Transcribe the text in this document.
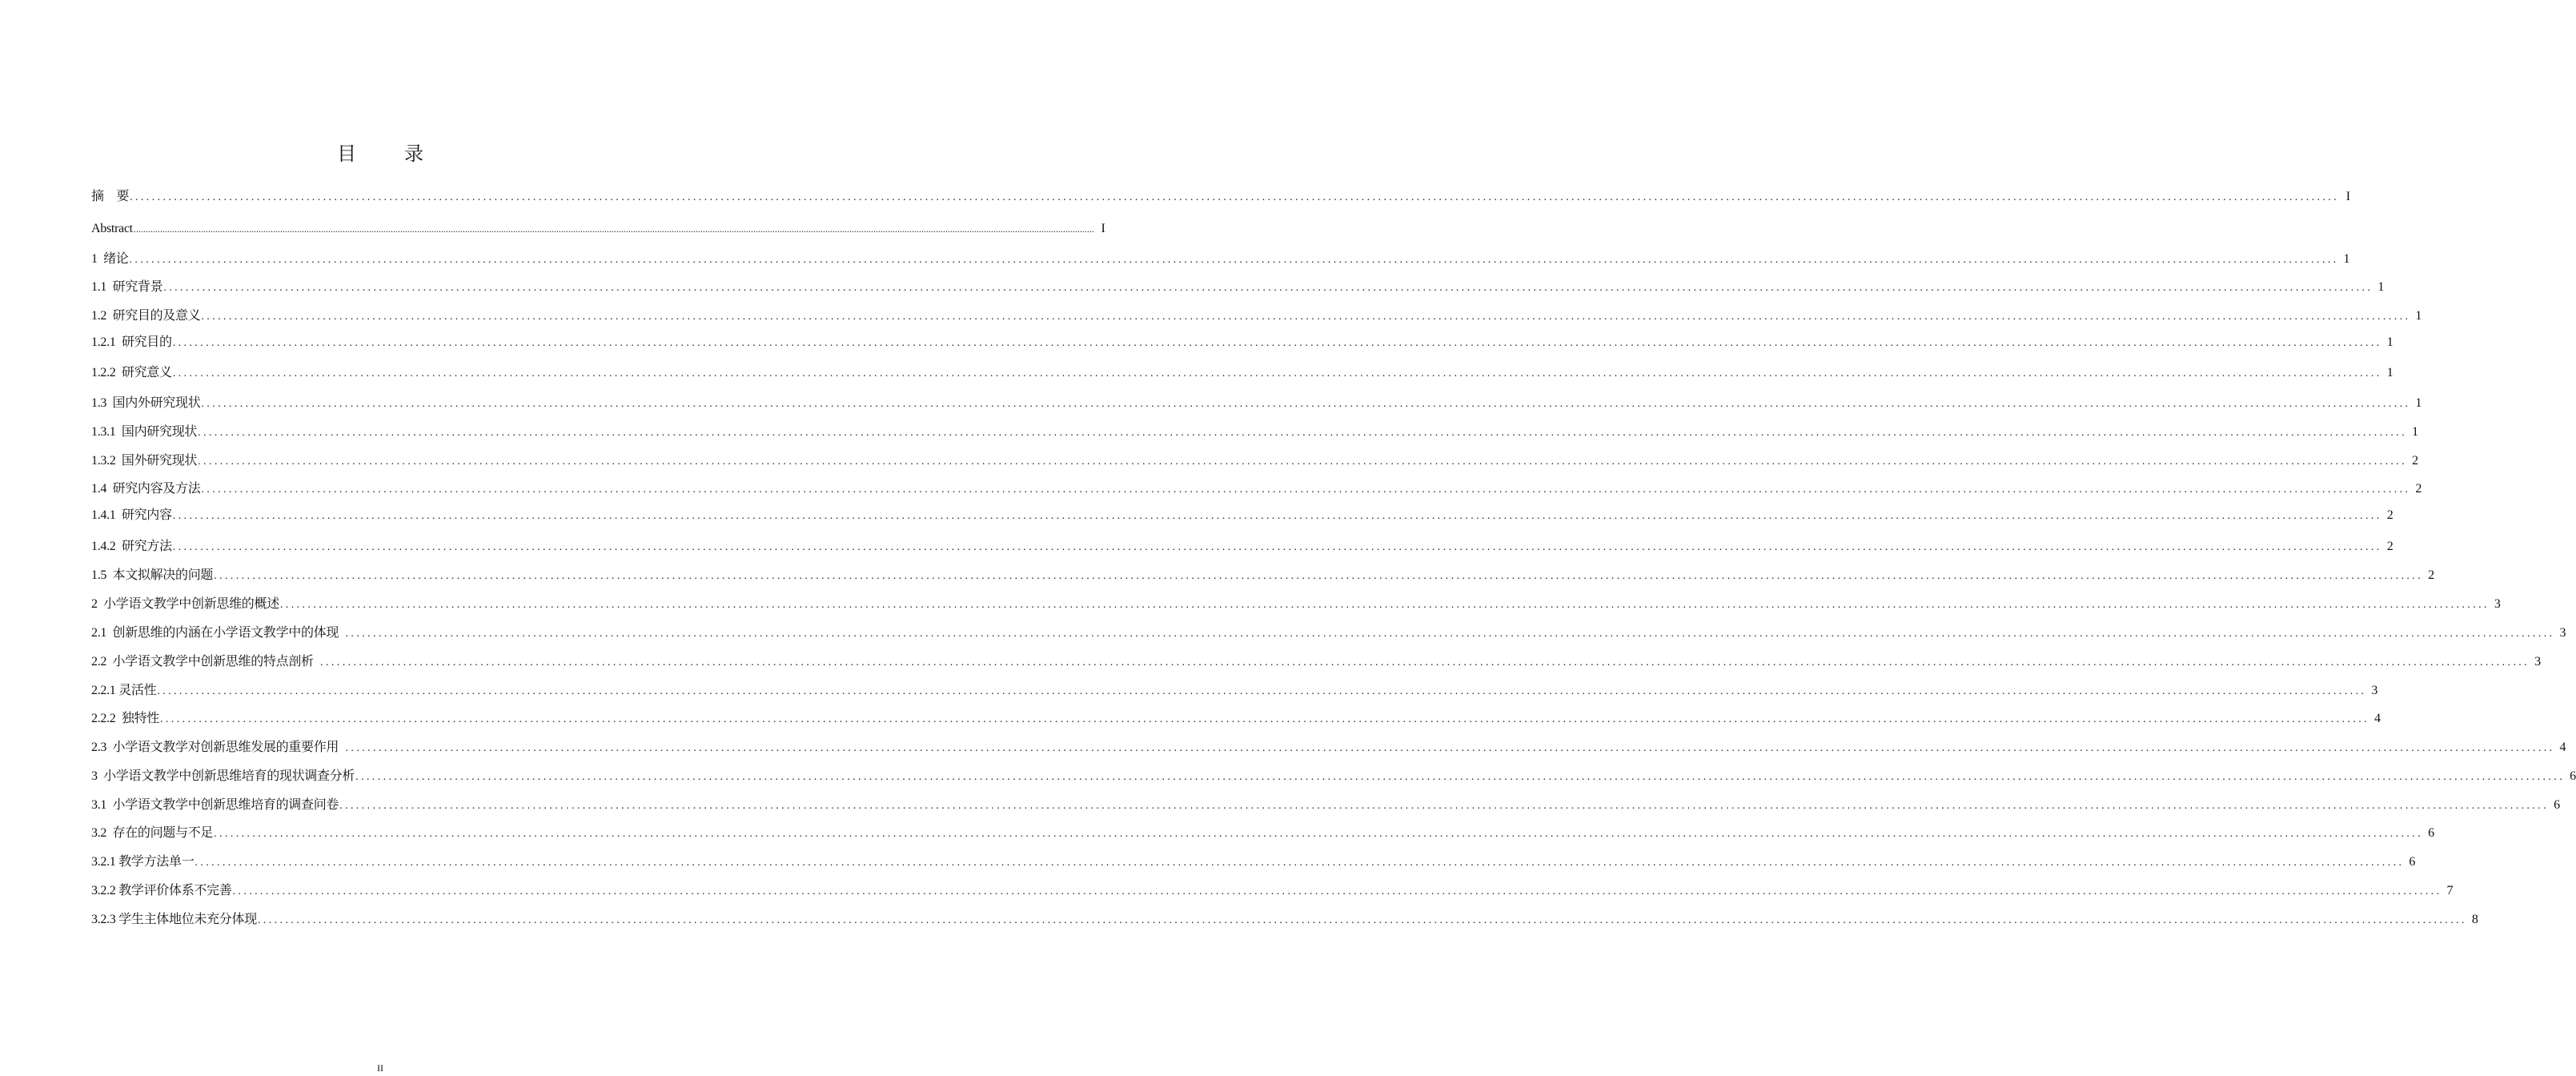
目　录
摘　要 ................................................................................................................................................................................................................................................................................................................................................................................................................ I
Abstract ................................................................................................................................................................................................................................................................................................................................................................................................................ I
1  绪论 ................................................................................................................................................................................................................................................................................................................................................................................................................ 1
1.1  研究背景 ................................................................................................................................................................................................................................................................................................................................................................................................................ 1
1.2  研究目的及意义 ................................................................................................................................................................................................................................................................................................................................................................................................................ 1
1.2.1  研究目的 ................................................................................................................................................................................................................................................................................................................................................................................................................ 1
1.2.2  研究意义 ................................................................................................................................................................................................................................................................................................................................................................................................................ 1
1.3  国内外研究现状 ................................................................................................................................................................................................................................................................................................................................................................................................................ 1
1.3.1  国内研究现状 ................................................................................................................................................................................................................................................................................................................................................................................................................ 1
1.3.2  国外研究现状 ................................................................................................................................................................................................................................................................................................................................................................................................................ 2
1.4  研究内容及方法 ................................................................................................................................................................................................................................................................................................................................................................................................................ 2
1.4.1  研究内容 ................................................................................................................................................................................................................................................................................................................................................................................................................ 2
1.4.2  研究方法 ................................................................................................................................................................................................................................................................................................................................................................................................................ 2
1.5  本文拟解决的问题 ................................................................................................................................................................................................................................................................................................................................................................................................................ 2
2  小学语文教学中创新思维的概述 ................................................................................................................................................................................................................................................................................................................................................................................................................ 3
2.1  创新思维的内涵在小学语文教学中的体现 ................................................................................................................................................................................................................................................................................................................................................................................................................ 3
2.2  小学语文教学中创新思维的特点剖析 ................................................................................................................................................................................................................................................................................................................................................................................................................ 3
2.2.1 灵活性 ................................................................................................................................................................................................................................................................................................................................................................................................................ 3
2.2.2  独特性 ................................................................................................................................................................................................................................................................................................................................................................................................................ 4
2.3  小学语文教学对创新思维发展的重要作用 ................................................................................................................................................................................................................................................................................................................................................................................................................ 4
3  小学语文教学中创新思维培育的现状调查分析 ................................................................................................................................................................................................................................................................................................................................................................................................................ 6
3.1  小学语文教学中创新思维培育的调查问卷 ................................................................................................................................................................................................................................................................................................................................................................................................................ 6
3.2  存在的问题与不足 ................................................................................................................................................................................................................................................................................................................................................................................................................ 6
3.2.1 教学方法单一 ................................................................................................................................................................................................................................................................................................................................................................................................................ 6
3.2.2 教学评价体系不完善 ................................................................................................................................................................................................................................................................................................................................................................................................................ 7
3.2.3 学生主体地位未充分体现 ................................................................................................................................................................................................................................................................................................................................................................................................................ 8
II
